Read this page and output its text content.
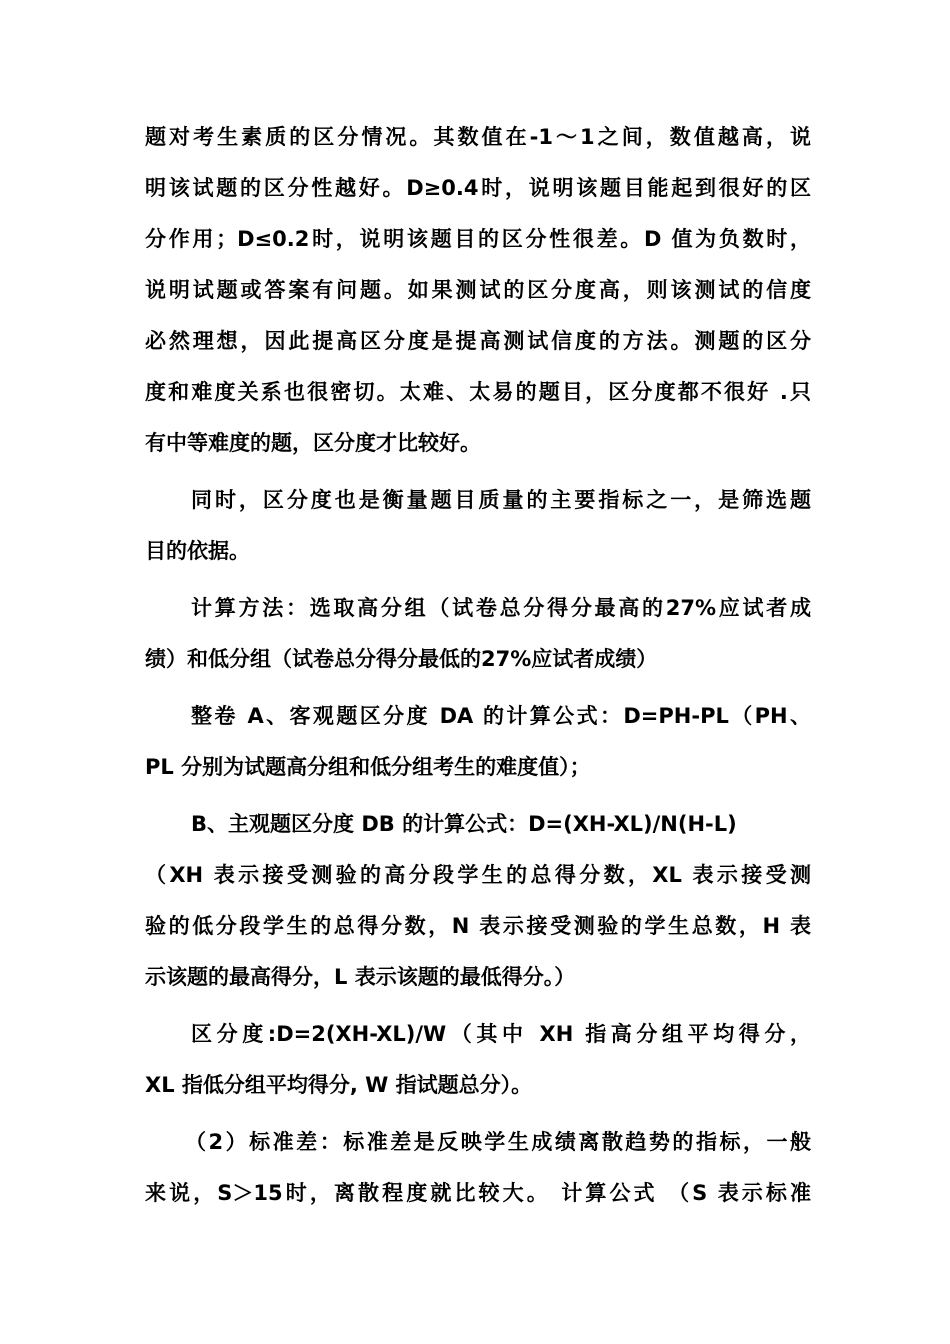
题对考生素质的区分情况。其数值在-1～1之间，数值越高，说
明该试题的区分性越好。D≥0.4时，说明该题目能起到很好的区
分作用；D≤0.2时，说明该题目的区分性很差。D 值为负数时，
说明试题或答案有问题。如果测试的区分度高，则该测试的信度
必然理想，因此提高区分度是提高测试信度的方法。测题的区分
度和难度关系也很密切。太难、太易的题目，区分度都不很好 .只
有中等难度的题，区分度才比较好。
同时，区分度也是衡量题目质量的主要指标之一，是筛选题
目的依据。
计算方法：选取高分组（试卷总分得分最高的27%应试者成
绩）和低分组（试卷总分得分最低的27%应试者成绩）
整卷 A、客观题区分度 DA 的计算公式：D=PH-PL（PH、
PL 分别为试题高分组和低分组考生的难度值）；
B、主观题区分度 DB 的计算公式：D=(XH-XL)/N(H-L)
（XH 表示接受测验的高分段学生的总得分数，XL 表示接受测
验的低分段学生的总得分数，N 表示接受测验的学生总数，H 表
示该题的最高得分，L 表示该题的最低得分。）
区分度:D=2(XH-XL)/W（其中 XH 指高分组平均得分，
XL 指低分组平均得分, W 指试题总分）。
（2）标准差：标准差是反映学生成绩离散趋势的指标，一般
来说，S＞15时，离散程度就比较大。 计算公式 （S 表示标准
